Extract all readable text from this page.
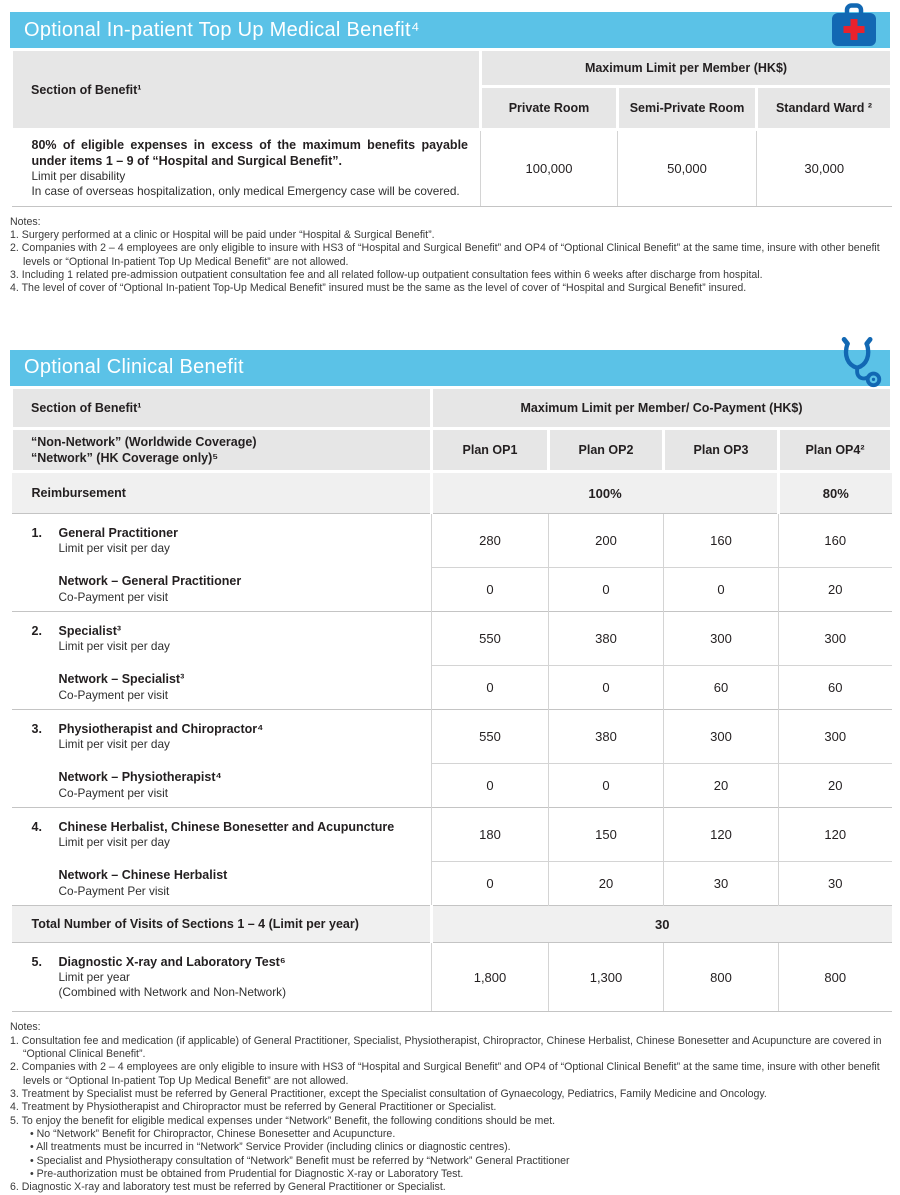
Optional In-patient Top Up Medical Benefit⁴
Section of Benefit¹	Maximum Limit per Member (HK$)		
	Private Room	Semi-Private Room	Standard Ward ²

80% of eligible expenses in excess of the maximum benefits payable under items 1 – 9 of “Hospital and Surgical Benefit”.
Limit per disability
In case of overseas hospitalization, only medical Emergency case will be covered.	100,000	50,000	30,000
Notes:
1. Surgery performed at a clinic or Hospital will be paid under “Hospital & Surgical Benefit”.
2. Companies with 2 – 4 employees are only eligible to insure with HS3 of “Hospital and Surgical Benefit” and OP4 of “Optional Clinical Benefit” at the same time, insure with other benefit levels or “Optional In-patient Top Up Medical Benefit” are not allowed.
3. Including 1 related pre-admission outpatient consultation fee and all related follow-up outpatient consultation fees within 6 weeks after discharge from hospital.
4. The level of cover of “Optional In-patient Top-Up Medical Benefit” insured must be the same as the level of cover of “Hospital and Surgical Benefit” insured.
Optional Clinical Benefit
Section of Benefit¹	Maximum Limit per Member/ Co-Payment (HK$)			

“Non-Network” (Worldwide Coverage)
“Network” (HK Coverage only)⁵	Plan OP1	Plan OP2	Plan OP3	Plan OP4²
Reimbursement	100%			80%

1. General Practitioner
Limit per visit per day	280	200	160	160

Network – General Practitioner
Co-Payment per visit	0	0	0	20

2. Specialist³
Limit per visit per day	550	380	300	300

Network – Specialist³
Co-Payment per visit	0	0	60	60

3. Physiotherapist and Chiropractor⁴
Limit per visit per day	550	380	300	300

Network – Physiotherapist⁴
Co-Payment per visit	0	0	20	20

4. Chinese Herbalist, Chinese Bonesetter and Acupuncture
Limit per visit per day	180	150	120	120

Network – Chinese Herbalist
Co-Payment Per visit	0	20	30	30
Total Number of Visits of Sections 1 – 4 (Limit per year)	30			

5. Diagnostic X-ray and Laboratory Test⁶
Limit per year
(Combined with Network and Non-Network)	1,800	1,300	800	800
Notes:
1. Consultation fee and medication (if applicable) of General Practitioner, Specialist, Physiotherapist, Chiropractor, Chinese Herbalist, Chinese Bonesetter and Acupuncture are covered in “Optional Clinical Benefit”.
2. Companies with 2 – 4 employees are only eligible to insure with HS3 of “Hospital and Surgical Benefit” and OP4 of “Optional Clinical Benefit” at the same time, insure with other benefit levels or “Optional In-patient Top Up Medical Benefit” are not allowed.
3. Treatment by Specialist must be referred by General Practitioner, except the Specialist consultation of Gynaecology, Pediatrics, Family Medicine and Oncology.
4. Treatment by Physiotherapist and Chiropractor must be referred by General Practitioner or Specialist.
5. To enjoy the benefit for eligible medical expenses under “Network” Benefit, the following conditions should be met.
• No “Network” Benefit for Chiropractor, Chinese Bonesetter and Acupuncture.
• All treatments must be incurred in “Network” Service Provider (including clinics or diagnostic centres).
• Specialist and Physiotherapy consultation of “Network” Benefit must be referred by “Network” General Practitioner
• Pre-authorization must be obtained from Prudential for Diagnostic X-ray or Laboratory Test.
6. Diagnostic X-ray and laboratory test must be referred by General Practitioner or Specialist.
